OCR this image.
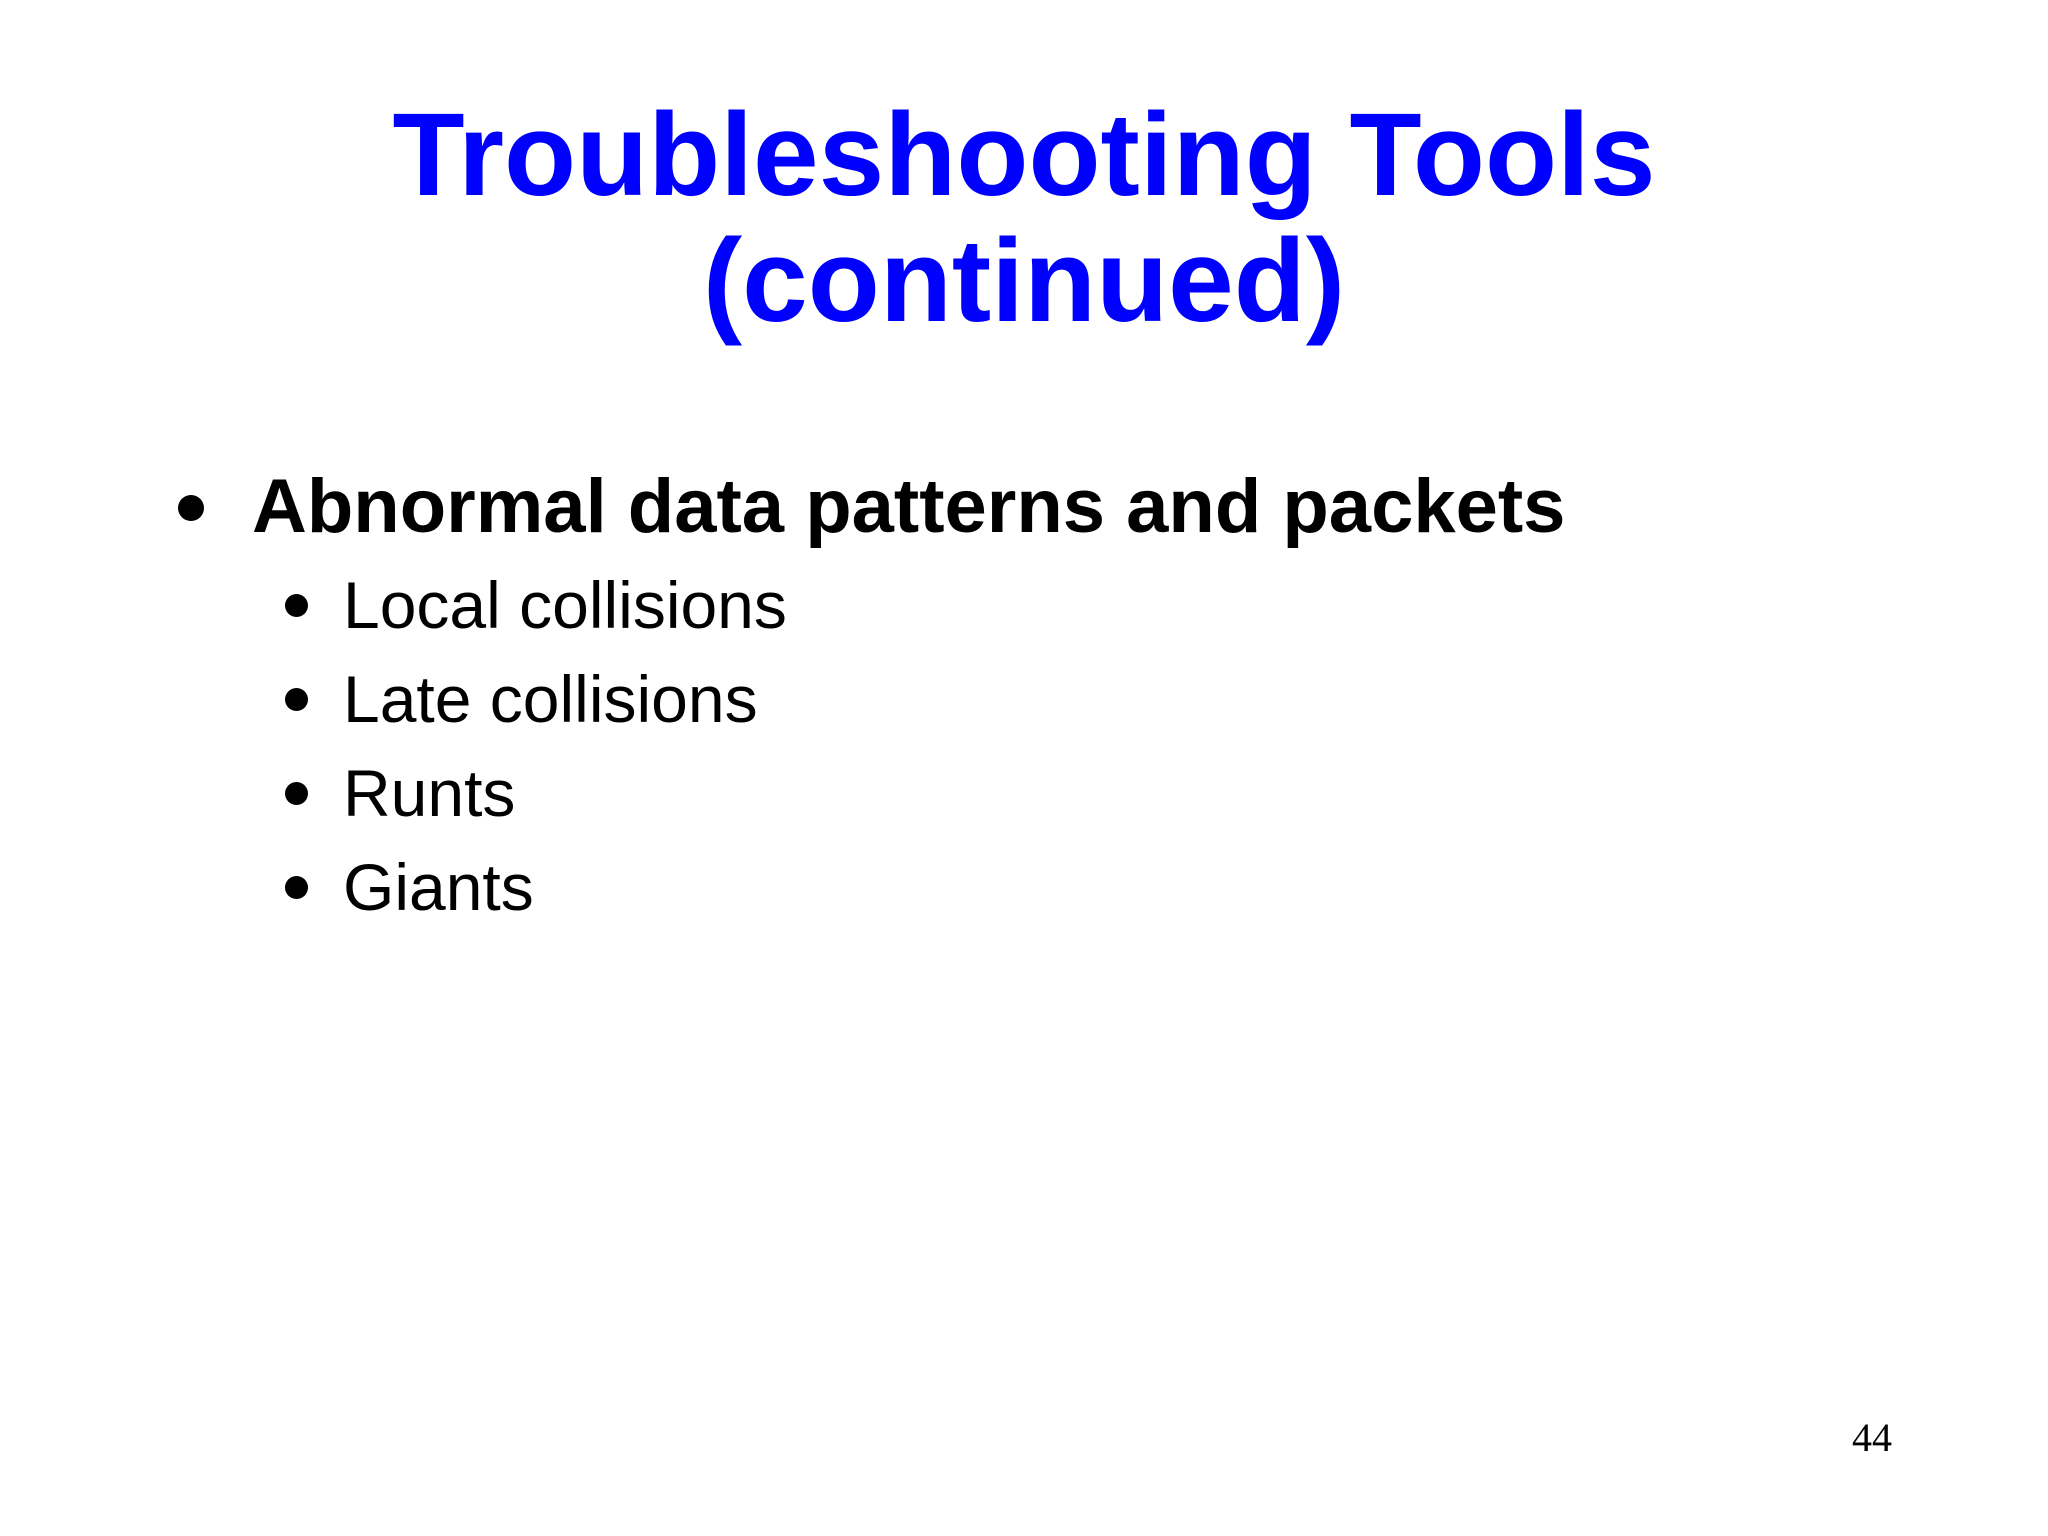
Troubleshooting Tools
(continued)
Abnormal data patterns and packets
Local collisions
Late collisions
Runts
Giants
44
